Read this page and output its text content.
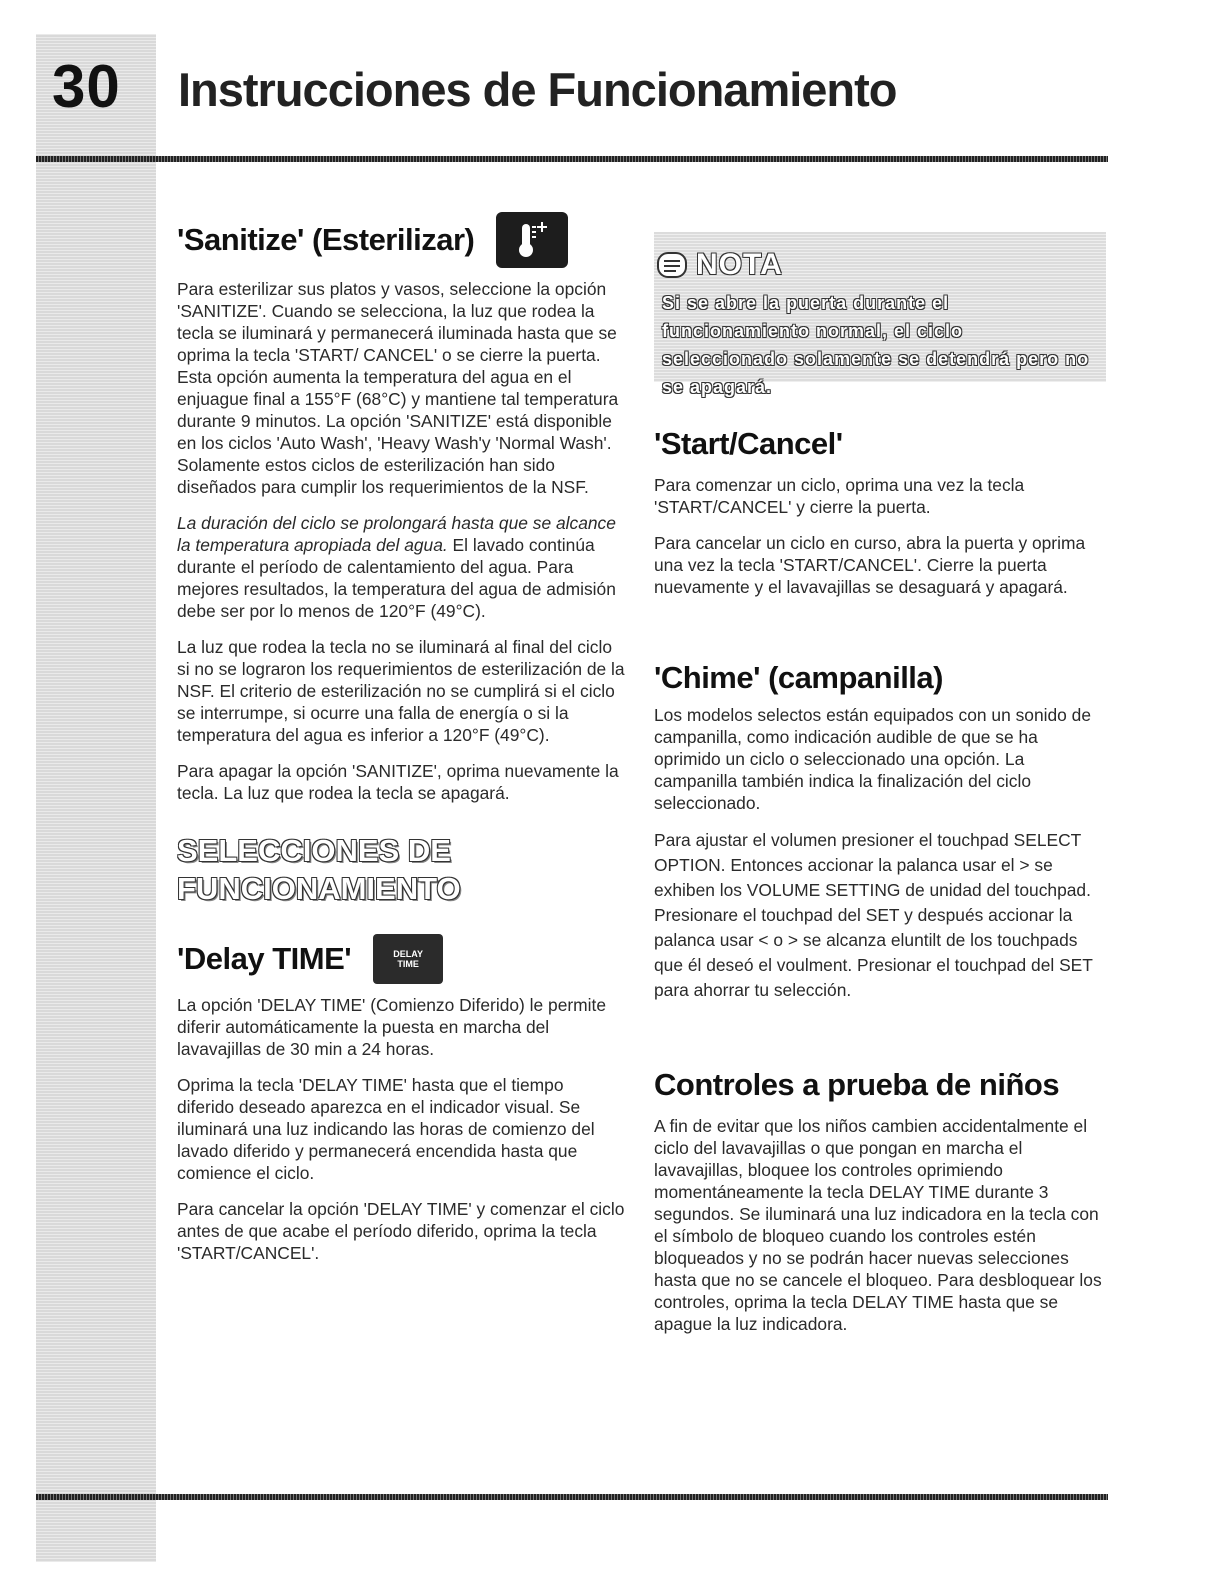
30 Instrucciones de Funcionamiento
'Sanitize' (Esterilizar)

Para esterilizar sus platos y vasos, seleccione la opción 'SANITIZE'. Cuando se selecciona, la luz que rodea la tecla se iluminará y permanecerá iluminada hasta que se oprima la tecla 'START/ CANCEL' o se cierre la puerta. Esta opción aumenta la temperatura del agua en el enjuague final a 155°F (68°C) y mantiene tal temperatura durante 9 minutos. La opción 'SANITIZE' está disponible en los ciclos 'Auto Wash', 'Heavy Wash'y 'Normal Wash'. Solamente estos ciclos de esterilización han sido diseñados para cumplir los requerimientos de la NSF.

La duración del ciclo se prolongará hasta que se alcance la temperatura apropiada del agua. El lavado continúa durante el período de calentamiento del agua. Para mejores resultados, la temperatura del agua de admisión debe ser por lo menos de 120°F (49°C).

La luz que rodea la tecla no se iluminará al final del ciclo si no se lograron los requerimientos de esterilización de la NSF. El criterio de esterilización no se cumplirá si el ciclo se interrumpe, si ocurre una falla de energía o si la temperatura del agua es inferior a 120°F (49°C).

Para apagar la opción 'SANITIZE', oprima nuevamente la tecla. La luz que rodea la tecla se apagará.

SELECCIONES DE
FUNCIONAMIENTO
'Delay TIME'	DELAY
TIME

La opción 'DELAY TIME' (Comienzo Diferido) le permite diferir automáticamente la puesta en marcha del lavavajillas de 30 min a 24 horas.

Oprima la tecla 'DELAY TIME' hasta que el tiempo diferido deseado aparezca en el indicador visual. Se iluminará una luz indicando las horas de comienzo del lavado diferido y permanecerá encendida hasta que comience el ciclo.

Para cancelar la opción 'DELAY TIME' y comenzar el ciclo antes de que acabe el período diferido, oprima la tecla 'START/CANCEL'.

NOTA
Si se abre la puerta durante el funcionamiento normal, el ciclo seleccionado solamente se detendrá pero no se apagará.
'Start/Cancel'

Para comenzar un ciclo, oprima una vez la tecla 'START/CANCEL' y cierre la puerta.

Para cancelar un ciclo en curso, abra la puerta y oprima una vez la tecla 'START/CANCEL'. Cierre la puerta nuevamente y el lavavajillas se desaguará y apagará.

'Chime' (campanilla)

Los modelos selectos están equipados con un sonido de campanilla, como indicación audible de que se ha oprimido un ciclo o seleccionado una opción. La campanilla también indica la finalización del ciclo seleccionado.

Para ajustar el volumen presioner el touchpad SELECT OPTION. Entonces accionar la palanca usar el > se exhiben los VOLUME SETTING de unidad del touchpad. Presionare el touchpad del SET y después accionar la palanca usar < o > se alcanza eluntilt de los touchpads que él deseó el voulment. Presionar el touchpad del SET para ahorrar tu selección.

Controles a prueba de niños

A fin de evitar que los niños cambien accidentalmente el ciclo del lavavajillas o que pongan en marcha el lavavajillas, bloquee los controles oprimiendo momentáneamente la tecla DELAY TIME durante 3 segundos. Se iluminará una luz indicadora en la tecla con el símbolo de bloqueo cuando los controles estén bloqueados y no se podrán hacer nuevas selecciones hasta que no se cancele el bloqueo. Para desbloquear los controles, oprima la tecla DELAY TIME hasta que se apague la luz indicadora.
